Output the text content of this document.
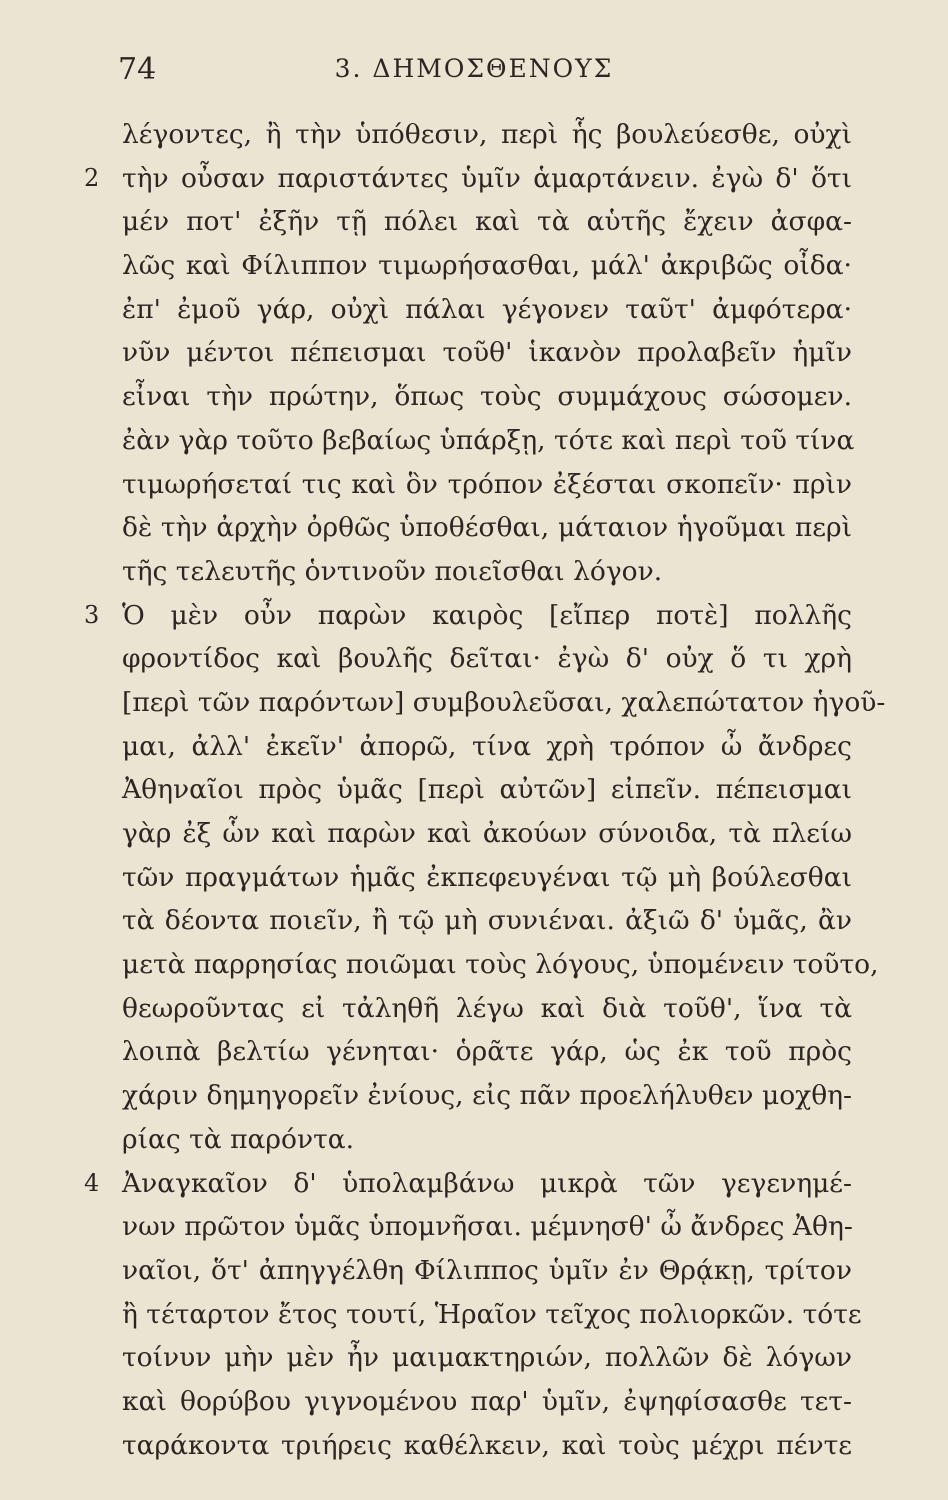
74	3. ΔΗΜΟΣΘΕΝΟΥΣ
λέγοντες, ἢ τὴν ὑπόθεσιν, περὶ ἧς βουλεύεσθε, οὐχὶ
2 τὴν οὖσαν παριστάντες ὑμῖν ἁμαρτάνειν. ἐγὼ δ' ὅτι
μέν ποτ' ἐξῆν τῇ πόλει καὶ τὰ αὑτῆς ἔχειν ἀσφα-
λῶς καὶ Φίλιππον τιμωρήσασθαι, μάλ' ἀκριβῶς οἶδα·
ἐπ' ἐμοῦ γάρ, οὐχὶ πάλαι γέγονεν ταῦτ' ἀμφότερα·
νῦν μέντοι πέπεισμαι τοῦθ' ἱκανὸν προλαβεῖν ἡμῖν
εἶναι τὴν πρώτην, ὅπως τοὺς συμμάχους σώσομεν.
ἐὰν γὰρ τοῦτο βεβαίως ὑπάρξῃ, τότε καὶ περὶ τοῦ τίνα
τιμωρήσεταί τις καὶ ὃν τρόπον ἐξέσται σκοπεῖν· πρὶν
δὲ τὴν ἀρχὴν ὀρθῶς ὑποθέσθαι, μάταιον ἡγοῦμαι περὶ
τῆς τελευτῆς ὁντινοῦν ποιεῖσθαι λόγον.
3 Ὁ μὲν οὖν παρὼν καιρὸς [εἴπερ ποτὲ] πολλῆς
φροντίδος καὶ βουλῆς δεῖται· ἐγὼ δ' οὐχ ὅ τι χρὴ
[περὶ τῶν παρόντων] συμβουλεῦσαι, χαλεπώτατον ἡγοῦ-
μαι, ἀλλ' ἐκεῖν' ἀπορῶ, τίνα χρὴ τρόπον ὦ ἄνδρες
Ἀθηναῖοι πρὸς ὑμᾶς [περὶ αὐτῶν] εἰπεῖν. πέπεισμαι
γὰρ ἐξ ὧν καὶ παρὼν καὶ ἀκούων σύνοιδα, τὰ πλείω
τῶν πραγμάτων ἡμᾶς ἐκπεφευγέναι τῷ μὴ βούλεσθαι
τὰ δέοντα ποιεῖν, ἢ τῷ μὴ συνιέναι. ἀξιῶ δ' ὑμᾶς, ἂν
μετὰ παρρησίας ποιῶμαι τοὺς λόγους, ὑπομένειν τοῦτο,
θεωροῦντας εἰ τἀληθῆ λέγω καὶ διὰ τοῦθ', ἵνα τὰ
λοιπὰ βελτίω γένηται· ὁρᾶτε γάρ, ὡς ἐκ τοῦ πρὸς
χάριν δημηγορεῖν ἐνίους, εἰς πᾶν προελήλυθεν μοχθη-
ρίας τὰ παρόντα.
4 Ἀναγκαῖον δ' ὑπολαμβάνω μικρὰ τῶν γεγενημέ-
νων πρῶτον ὑμᾶς ὑπομνῆσαι. μέμνησθ' ὦ ἄνδρες Ἀθη-
ναῖοι, ὅτ' ἀπηγγέλθη Φίλιππος ὑμῖν ἐν Θρᾴκῃ, τρίτον
ἢ τέταρτον ἔτος τουτί, Ἡραῖον τεῖχος πολιορκῶν. τότε
τοίνυν μὴν μὲν ἦν μαιμακτηριών, πολλῶν δὲ λόγων
καὶ θορύβου γιγνομένου παρ' ὑμῖν, ἐψηφίσασθε τετ-
ταράκοντα τριήρεις καθέλκειν, καὶ τοὺς μέχρι πέντε
